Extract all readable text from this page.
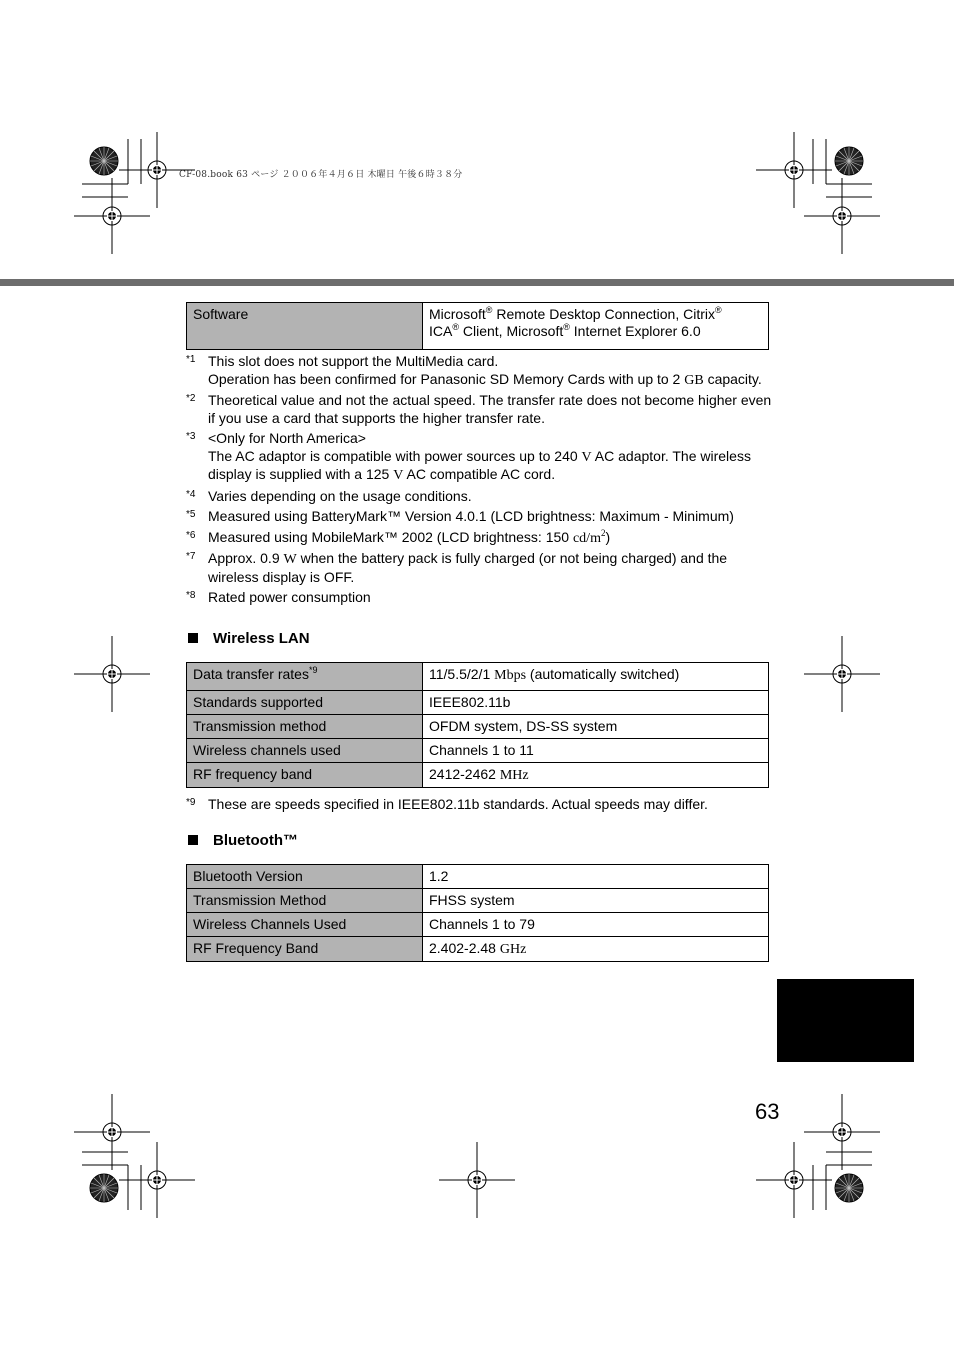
CF-08.book 63 ページ ２００６年４月６日 木曜日 午後６時３８分
Software	Microsoft® Remote Desktop Connection, Citrix®
ICA® Client, Microsoft® Internet Explorer 6.0
*1 This slot does not support the MultiMedia card.
Operation has been confirmed for Panasonic SD Memory Cards with up to 2 GB capacity.
*2 Theoretical value and not the actual speed. The transfer rate does not become higher even if you use a card that supports the higher transfer rate.
*3 <Only for North America>
The AC adaptor is compatible with power sources up to 240 V AC adaptor. The wireless display is supplied with a 125 V AC compatible AC cord.
*4 Varies depending on the usage conditions.
*5 Measured using BatteryMark™ Version 4.0.1 (LCD brightness: Maximum - Minimum)
*6 Measured using MobileMark™ 2002 (LCD brightness: 150 $cd/m^2$)
*7 Approx. 0.9 W when the battery pack is fully charged (or not being charged) and the wireless display is OFF.
*8 Rated power consumption
Wireless LAN
Data transfer rates$^{*9}$	11/5.5/2/1 Mbps (automatically switched)
Standards supported	IEEE802.11b
Transmission method	OFDM system, DS-SS system
Wireless channels used	Channels 1 to 11
RF frequency band	2412-2462 MHz
*9 These are speeds specified in IEEE802.11b standards. Actual speeds may differ.
Bluetooth™
Bluetooth Version	1.2
Transmission Method	FHSS system
Wireless Channels Used	Channels 1 to 79
RF Frequency Band	2.402-2.48 GHz
63
